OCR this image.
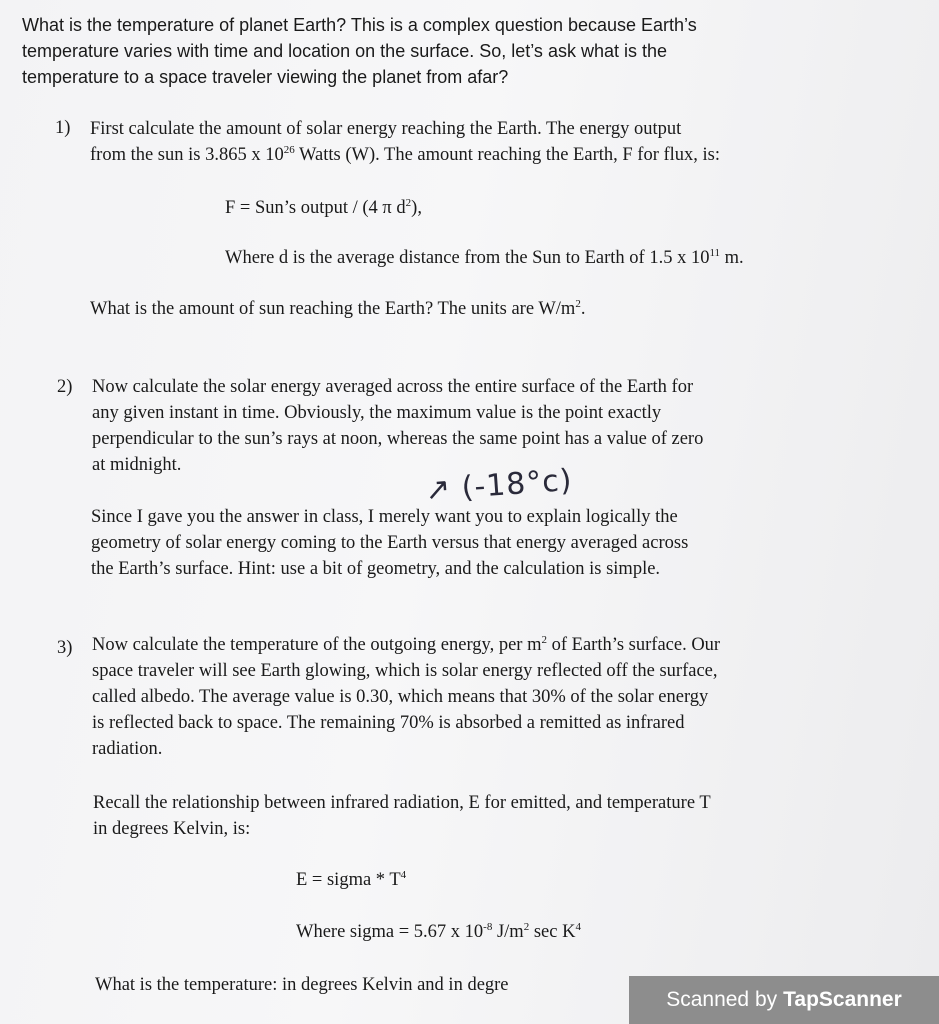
What is the temperature of planet Earth? This is a complex question because Earth’s
temperature varies with time and location on the surface. So, let’s ask what is the
temperature to a space traveler viewing the planet from afar?
1) First calculate the amount of solar energy reaching the Earth. The energy output
from the sun is 3.865 x $10^{26}$ Watts (W). The amount reaching the Earth, F for flux, is:
F = Sun’s output / (4 π $d^2$),
Where d is the average distance from the Sun to Earth of 1.5 x $10^{11}$ m.
What is the amount of sun reaching the Earth? The units are $W/m^2$.
2) Now calculate the solar energy averaged across the entire surface of the Earth for
any given instant in time. Obviously, the maximum value is the point exactly
perpendicular to the sun’s rays at noon, whereas the same point has a value of zero
at midnight.	↗ (-18°c)
Since I gave you the answer in class, I merely want you to explain logically the
geometry of solar energy coming to the Earth versus that energy averaged across
the Earth’s surface. Hint: use a bit of geometry, and the calculation is simple.
3) Now calculate the temperature of the outgoing energy, per $m^2$ of Earth’s surface. Our
space traveler will see Earth glowing, which is solar energy reflected off the surface,
called albedo. The average value is 0.30, which means that 30% of the solar energy
is reflected back to space. The remaining 70% is absorbed a remitted as infrared
radiation.
Recall the relationship between infrared radiation, E for emitted, and temperature T
in degrees Kelvin, is:
E = sigma * $T^4$
Where sigma = 5.67 x $10^{-8}$ $J/m^2$ $\sec K^4$
What is the temperature: in degrees Kelvin and in degre
Scanned by TapScanner
